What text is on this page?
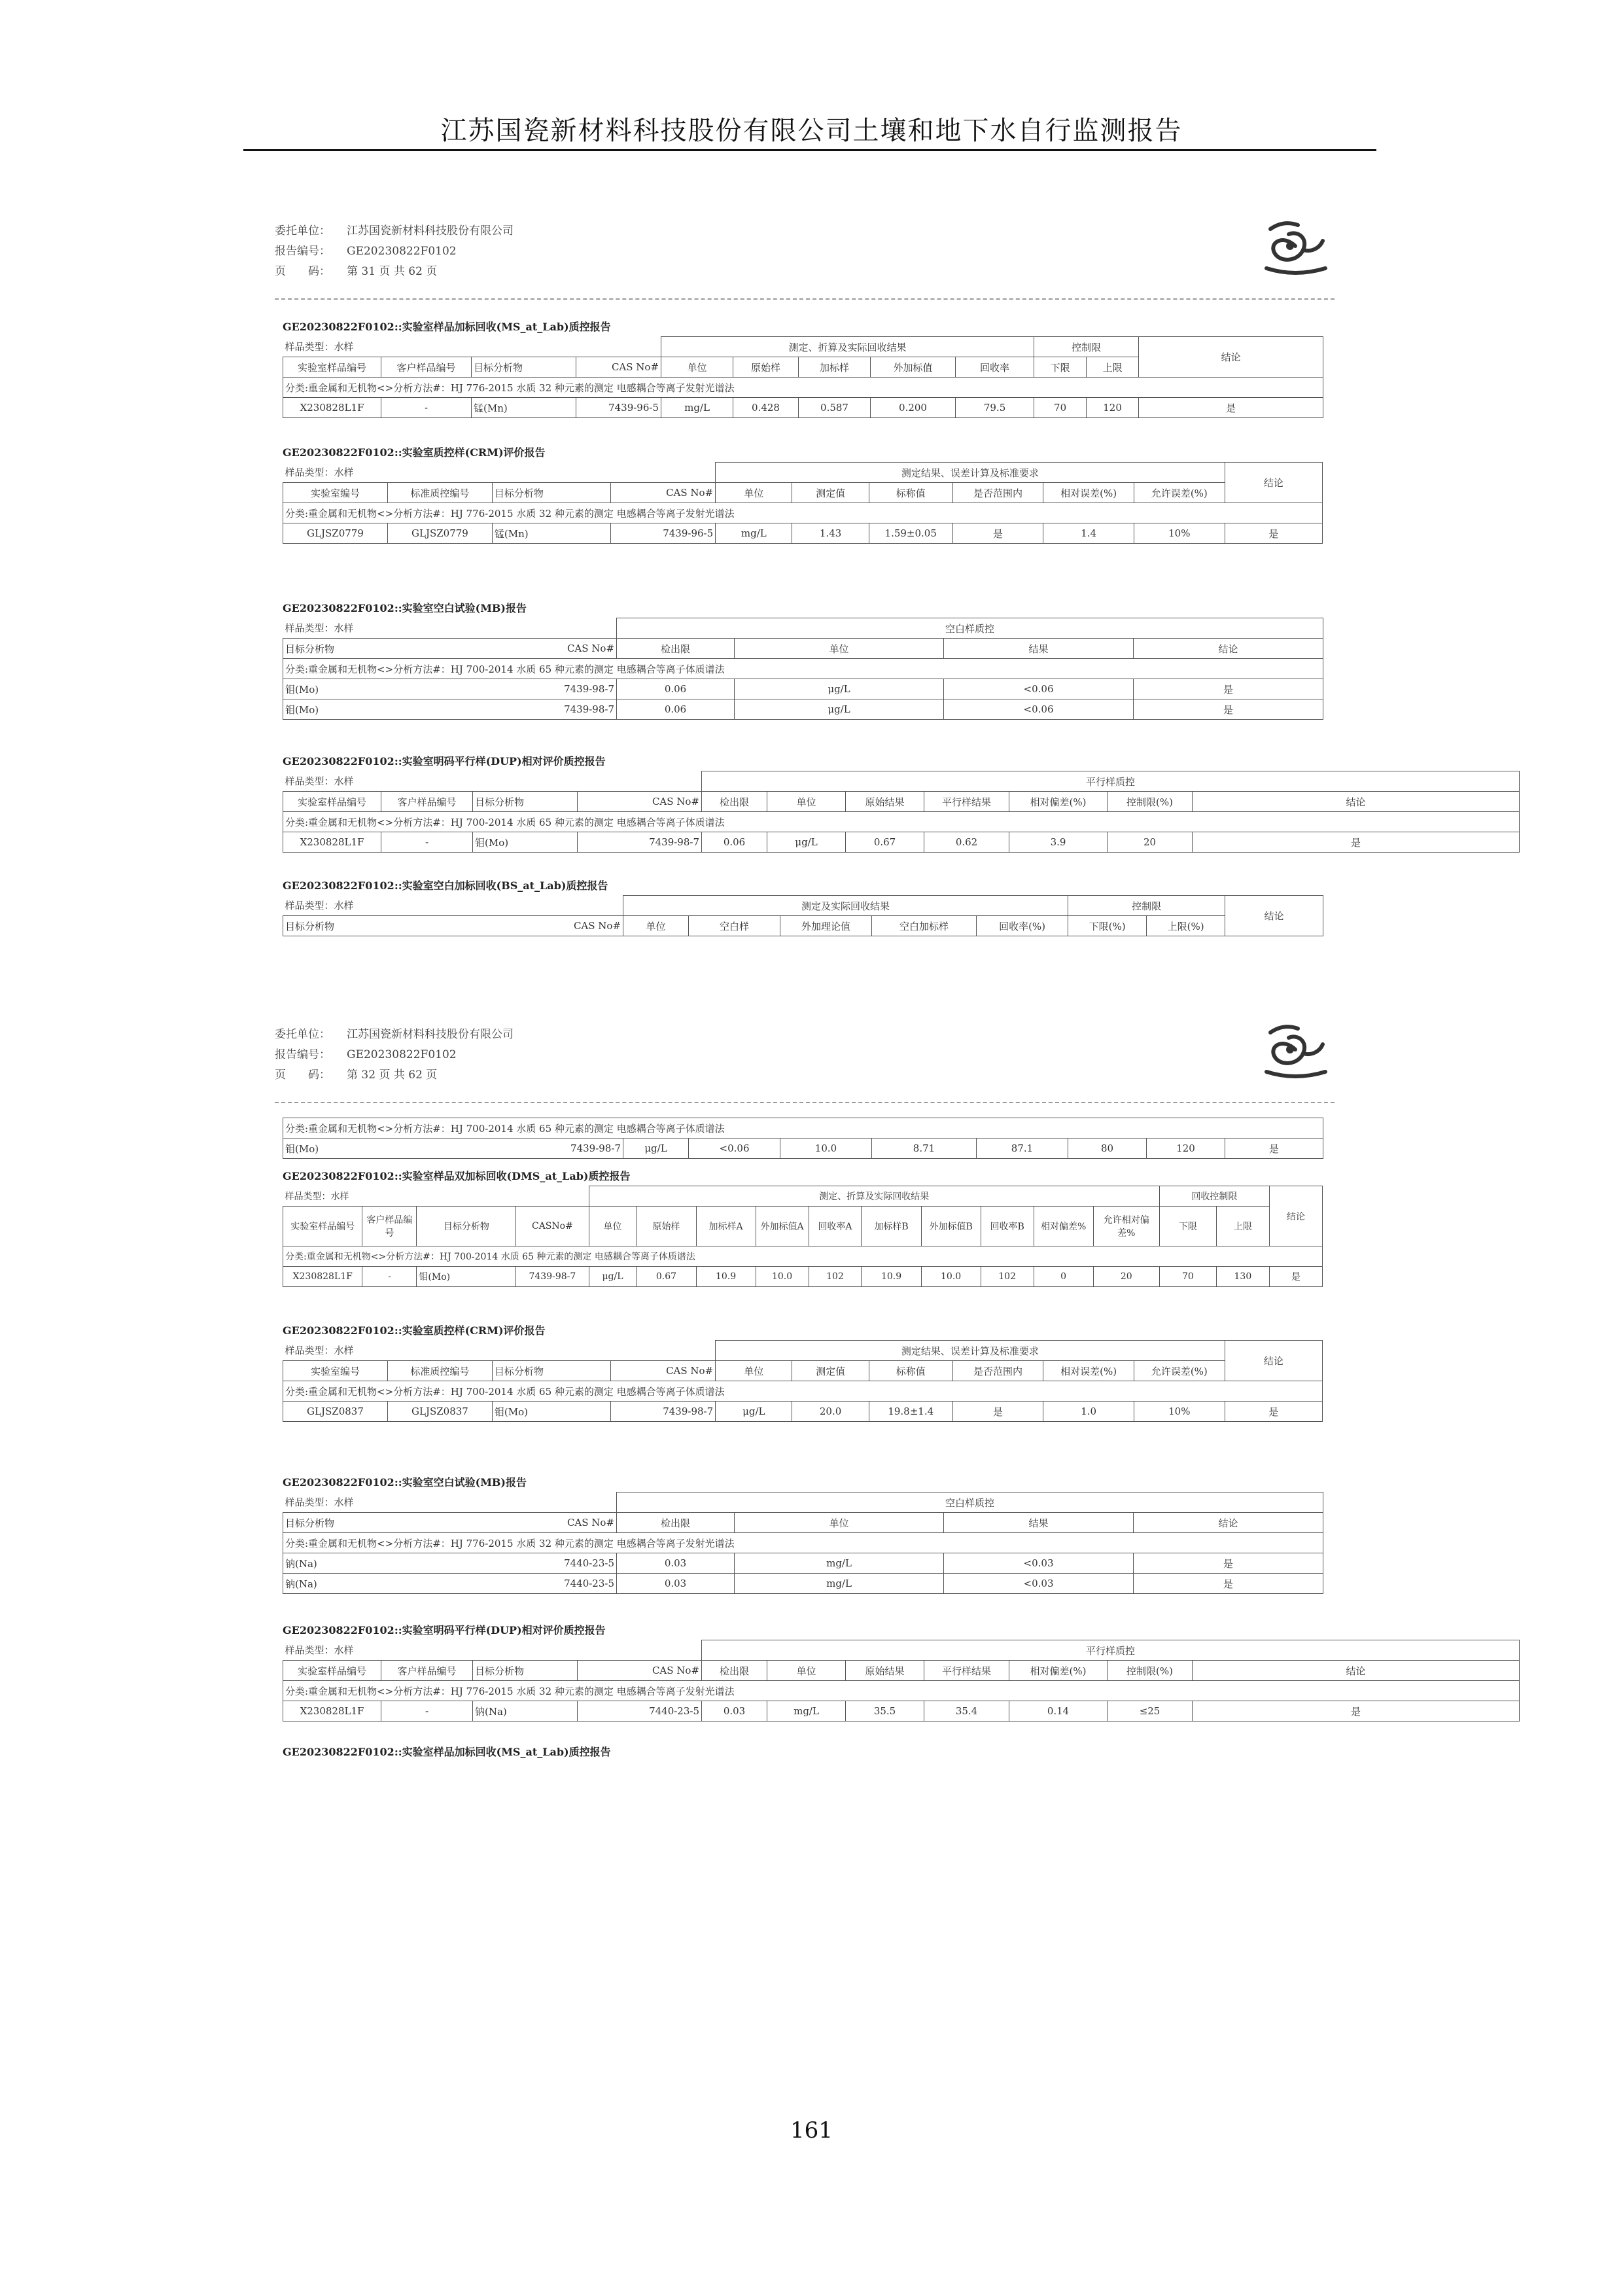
江苏国瓷新材料科技股份有限公司土壤和地下水自行监测报告
委托单位：	江苏国瓷新材料科技股份有限公司
报告编号：	GE20230822F0102
页　　码：	第 31 页 共 62 页
GE20230822F0102::实验室样品加标回收(MS_at_Lab)质控报告
样品类型：水样				测定、折算及实际回收结果					控制限		结论
实验室样品编号	客户样品编号	目标分析物	CAS No#	单位	原始样	加标样	外加标值	回收率	下限	上限	
分类:重金属和无机物<>分析方法#：HJ 776-2015 水质 32 种元素的测定 电感耦合等离子发射光谱法											
X230828L1F	-	锰(Mn)	7439-96-5	mg/L	0.428	0.587	0.200	79.5	70	120	是
GE20230822F0102::实验室质控样(CRM)评价报告
样品类型：水样				测定结果、误差计算及标准要求						结论
实验室编号	标准质控编号	目标分析物	CAS No#	单位	测定值	标称值	是否范围内	相对误差(%)	允许误差(%)	
分类:重金属和无机物<>分析方法#：HJ 776-2015 水质 32 种元素的测定 电感耦合等离子发射光谱法										
GLJSZ0779	GLJSZ0779	锰(Mn)	7439-96-5	mg/L	1.43	1.59±0.05	是	1.4	10%	是
GE20230822F0102::实验室空白试验(MB)报告
样品类型：水样		空白样质控			
目标分析物	CAS No#	检出限	单位	结果	结论
分类:重金属和无机物<>分析方法#：HJ 700-2014 水质 65 种元素的测定 电感耦合等离子体质谱法					
钼(Mo)	7439-98-7	0.06	μg/L	<0.06	是
钼(Mo)	7439-98-7	0.06	μg/L	<0.06	是
GE20230822F0102::实验室明码平行样(DUP)相对评价质控报告
样品类型：水样				平行样质控						
实验室样品编号	客户样品编号	目标分析物	CAS No#	检出限	单位	原始结果	平行样结果	相对偏差(%)	控制限(%)	结论
分类:重金属和无机物<>分析方法#：HJ 700-2014 水质 65 种元素的测定 电感耦合等离子体质谱法										
X230828L1F	-	钼(Mo)	7439-98-7	0.06	μg/L	0.67	0.62	3.9	20	是
GE20230822F0102::实验室空白加标回收(BS_at_Lab)质控报告
样品类型：水样		测定及实际回收结果					控制限		结论
目标分析物	CAS No#	单位	空白样	外加理论值	空白加标样	回收率(%)	下限(%)	上限(%)	
委托单位：	江苏国瓷新材料科技股份有限公司
报告编号：	GE20230822F0102
页　　码：	第 32 页 共 62 页
分类:重金属和无机物<>分析方法#：HJ 700-2014 水质 65 种元素的测定 电感耦合等离子体质谱法
钼(Mo)	7439-98-7	μg/L	<0.06	10.0	8.71	87.1	80	120	是
GE20230822F0102::实验室样品双加标回收(DMS_at_Lab)质控报告
样品类型：水样				测定、折算及实际回收结果										回收控制限		结论
实验室样品编号	客户样品编号	目标分析物	CASNo#	单位	原始样	加标样A	外加标值A	回收率A	加标样B	外加标值B	回收率B	相对偏差%	允许相对偏差%	下限	上限	
分类:重金属和无机物<>分析方法#：HJ 700-2014 水质 65 种元素的测定 电感耦合等离子体质谱法																
X230828L1F	-	钼(Mo)	7439-98-7	μg/L	0.67	10.9	10.0	102	10.9	10.0	102	0	20	70	130	是
GE20230822F0102::实验室质控样(CRM)评价报告
样品类型：水样				测定结果、误差计算及标准要求						结论
实验室编号	标准质控编号	目标分析物	CAS No#	单位	测定值	标称值	是否范围内	相对误差(%)	允许误差(%)	
分类:重金属和无机物<>分析方法#：HJ 700-2014 水质 65 种元素的测定 电感耦合等离子体质谱法										
GLJSZ0837	GLJSZ0837	钼(Mo)	7439-98-7	μg/L	20.0	19.8±1.4	是	1.0	10%	是
GE20230822F0102::实验室空白试验(MB)报告
样品类型：水样		空白样质控			
目标分析物	CAS No#	检出限	单位	结果	结论
分类:重金属和无机物<>分析方法#：HJ 776-2015 水质 32 种元素的测定 电感耦合等离子发射光谱法					
钠(Na)	7440-23-5	0.03	mg/L	<0.03	是
钠(Na)	7440-23-5	0.03	mg/L	<0.03	是
GE20230822F0102::实验室明码平行样(DUP)相对评价质控报告
样品类型：水样				平行样质控						
实验室样品编号	客户样品编号	目标分析物	CAS No#	检出限	单位	原始结果	平行样结果	相对偏差(%)	控制限(%)	结论
分类:重金属和无机物<>分析方法#：HJ 776-2015 水质 32 种元素的测定 电感耦合等离子发射光谱法										
X230828L1F	-	钠(Na)	7440-23-5	0.03	mg/L	35.5	35.4	0.14	≤25	是
GE20230822F0102::实验室样品加标回收(MS_at_Lab)质控报告
161
